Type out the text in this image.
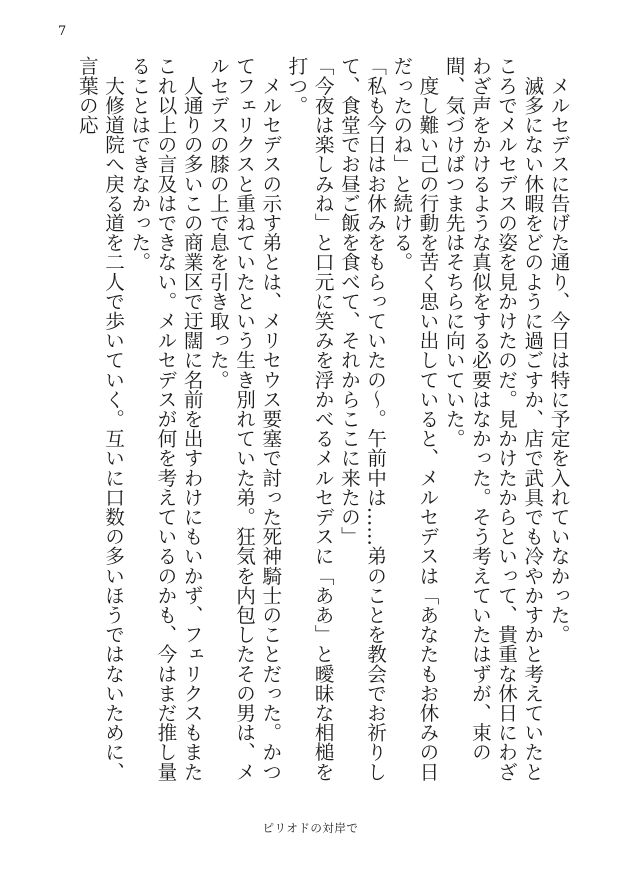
7

　メルセデスに告げた通り、今日は特に予定を入れていなかった。

　滅多にない休暇をどのように過ごすか、店で武具でも冷やかすかと考えていたところでメルセデスの姿を見かけたのだ。見かけたからといって、貴重な休日にわざわざ声をかけるような真似をする必要はなかった。そう考えていたはずが、束の間、気づけばつま先はそちらに向いていた。

　度し難い己の行動を苦く思い出していると、メルセデスは「あなたもお休みの日だったのね」と続ける。

「私も今日はお休みをもらっていたの～。午前中は……弟のことを教会でお祈りして、食堂でお昼ご飯を食べて、それからここに来たの」

「今夜は楽しみね」と口元に笑みを浮かべるメルセデスに「ああ」と曖昧な相槌を打つ。

　メルセデスの示す弟とは、メリセウス要塞で討った死神騎士のことだった。かつてフェリクスと重ねていたという生き別れていた弟。狂気を内包したその男は、メルセデスの膝の上で息を引き取った。

　人通りの多いこの商業区で迂闊に名前を出すわけにもいかず、フェリクスもまたこれ以上の言及はできない。メルセデスが何を考えているのかも、今はまだ推し量ることはできなかった。

　大修道院へ戻る道を二人で歩いていく。互いに口数の多いほうではないために、言葉の応

ピリオドの対岸で
